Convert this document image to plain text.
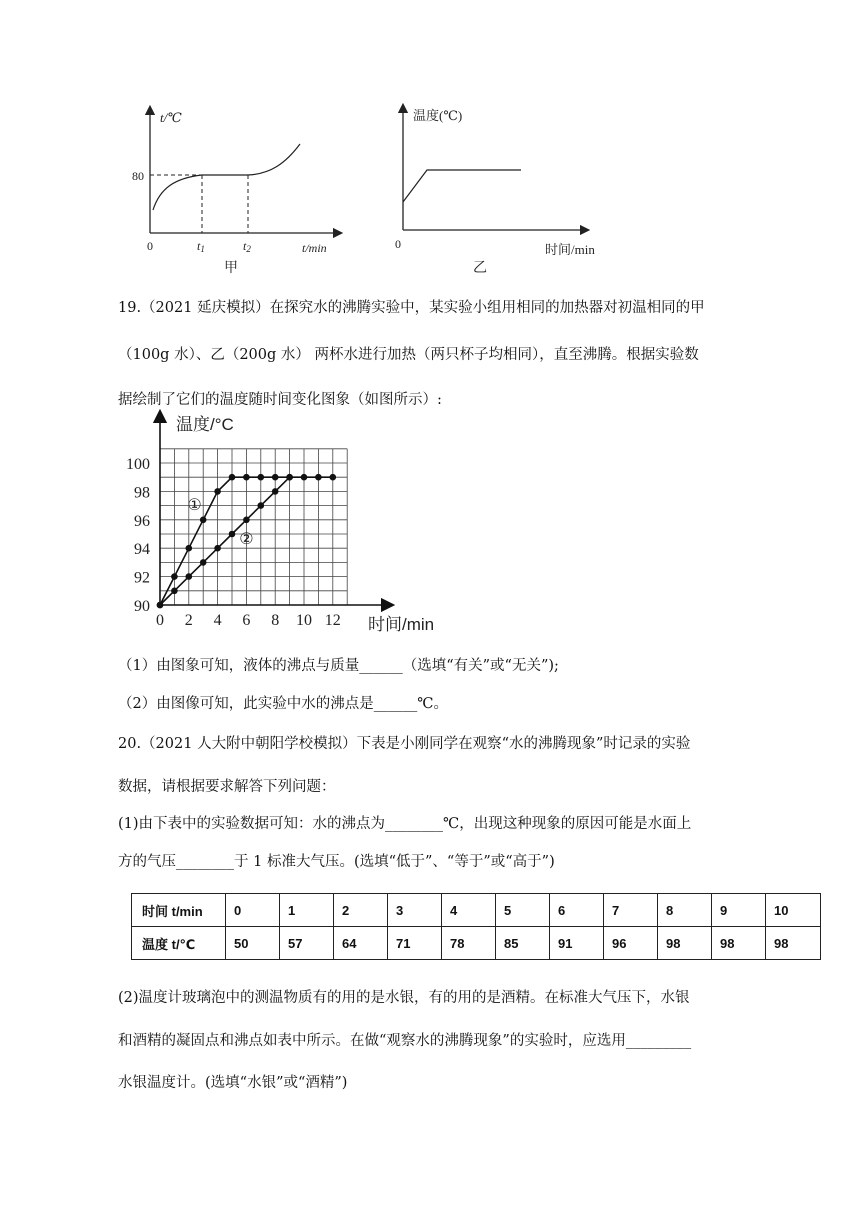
t/℃
80
0	t1	t2	t/min
甲
温度(℃)
0	时间/min
乙
19.（2021 延庆模拟）在探究水的沸腾实验中，某实验小组用相同的加热器对初温相同的甲
（100g 水）、乙（200g 水） 两杯水进行加热（两只杯子均相同），直至沸腾。根据实验数
据绘制了它们的温度随时间变化图象（如图所示）:
温度/°C
时间/min
0 2 4 6 8 10 12
90
92
94
96
98
100
①
②
（1）由图象可知，液体的沸点与质量______（选填“有关”或“无关”);
（2）由图像可知，此实验中水的沸点是______℃。
20.（2021 人大附中朝阳学校模拟）下表是小刚同学在观察“水的沸腾现象”时记录的实验
数据，请根据要求解答下列问题：
(1)由下表中的实验数据可知：水的沸点为________℃，出现这种现象的原因可能是水面上
方的气压________于 1 标准大气压。(选填“低于”、“等于”或“高于”)
时间 t/min	0	1	2	3	4	5	6	7	8	9	10
温度 t/℃	50	57	64	71	78	85	91	96	98	98	98
(2)温度计玻璃泡中的测温物质有的用的是水银，有的用的是酒精。在标准大气压下，水银
和酒精的凝固点和沸点如表中所示。在做“观察水的沸腾现象”的实验时，应选用_________
水银温度计。(选填“水银”或“酒精”)
